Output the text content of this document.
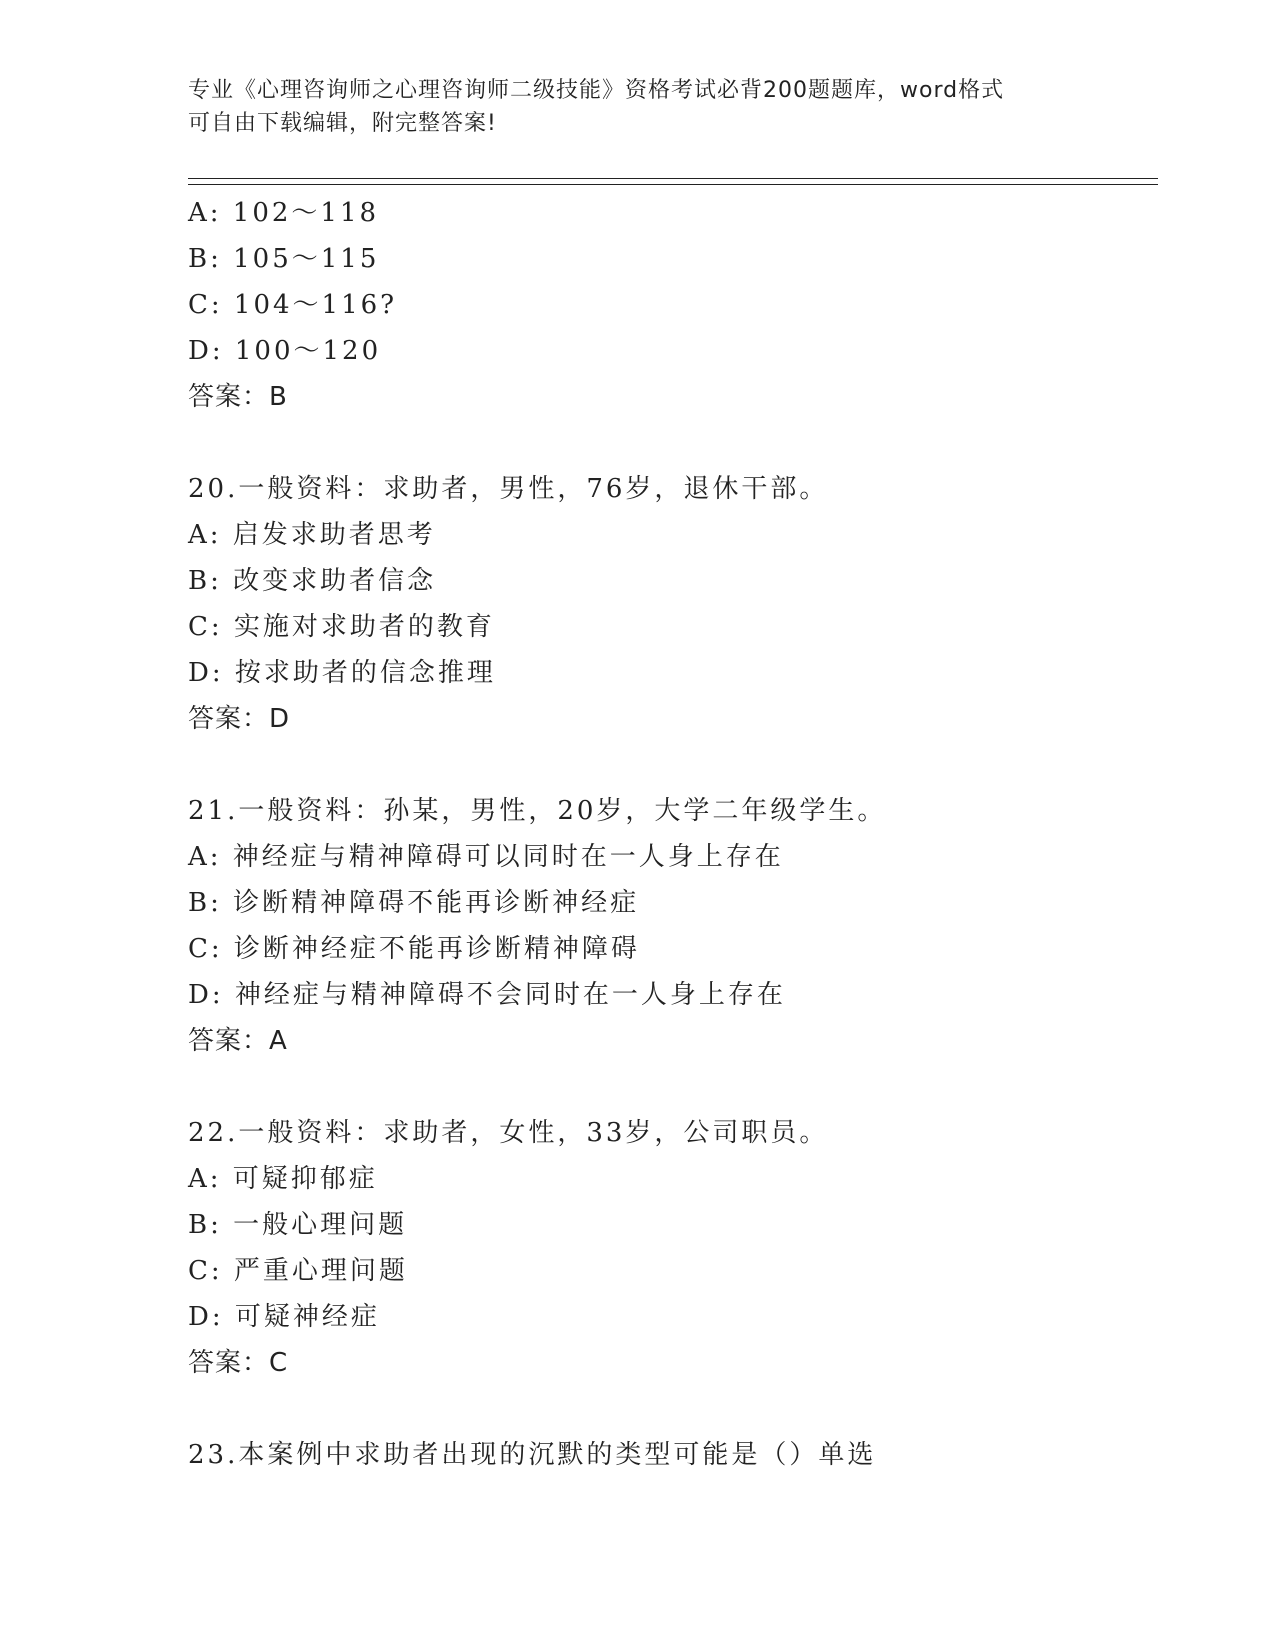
专业《心理咨询师之心理咨询师二级技能》资格考试必背200题题库，word格式
可自由下载编辑，附完整答案!
A: 102～118
B: 105～115
C: 104～116?
D: 100～120
答案：B
20.一般资料：求助者，男性，76岁，退休干部。
A: 启发求助者思考
B: 改变求助者信念
C: 实施对求助者的教育
D: 按求助者的信念推理
答案：D
21.一般资料：孙某，男性，20岁，大学二年级学生。
A: 神经症与精神障碍可以同时在一人身上存在
B: 诊断精神障碍不能再诊断神经症
C: 诊断神经症不能再诊断精神障碍
D: 神经症与精神障碍不会同时在一人身上存在
答案：A
22.一般资料：求助者，女性，33岁，公司职员。
A: 可疑抑郁症
B: 一般心理问题
C: 严重心理问题
D: 可疑神经症
答案：C
23.本案例中求助者出现的沉默的类型可能是（）单选
